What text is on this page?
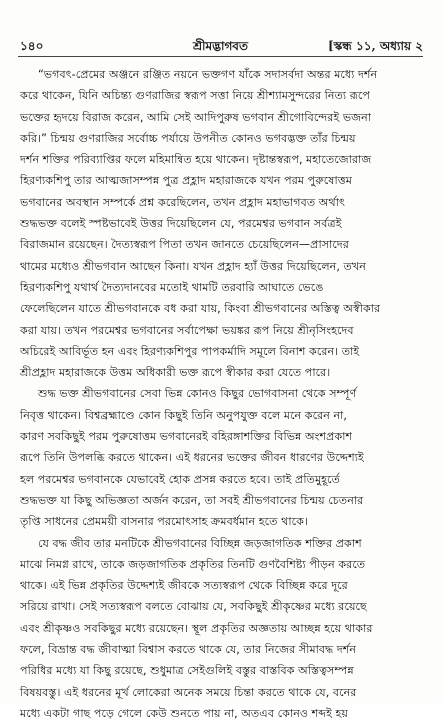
১৪০	শ্রীমদ্ভাগবত	[স্কন্ধ ১১, অধ্যায় ২
“ভগবৎ-প্রেমের অঞ্জনে রঞ্জিত নয়নে ভক্তগণ যাঁকে সদাসর্বদা অন্তর মধ্যে দর্শন
করে থাকেন, যিনি অচিন্ত্য গুণরাজির স্বরূপ সত্তা নিয়ে শ্রীশ্যামসুন্দরের নিত্য রূপে
ভক্তের হৃদয়ে বিরাজ করেন, আমি সেই আদিপুরুষ ভগবান শ্রীগোবিন্দেরই ভজনা
করি।” চিন্ময় গুণরাজির সর্বোচ্চ পর্যায়ে উপনীত কোনও ভগবদ্ভক্ত তাঁর চিন্ময়
দর্শন শক্তির পরিব্যাপ্তির ফলে মহিমান্বিত হয়ে থাকেন। দৃষ্টান্তস্বরূপ, মহাতেজোরাজ
হিরণ্যকশিপু তার আত্মজাসম্পন্ন পুত্র প্রহ্লাদ মহারাজকে যখন পরম পুরুষোত্তম
ভগবানের অবস্থান সম্পর্কে প্রশ্ন করেছিলেন, তখন প্রহ্লাদ মহাভাগবত অর্থাৎ
শুদ্ধভক্ত বলেই স্পষ্টভাবেই উত্তর দিয়েছিলেন যে, পরমেশ্বর ভগবান সর্বত্রই
বিরাজমান রয়েছেন। দৈত্যস্বরূপ পিতা তখন জানতে চেয়েছিলেন—প্রাসাদের
থামের মধ্যেও শ্রীভগবান আছেন কিনা। যখন প্রহ্লাদ হ্যাঁ উত্তর দিয়েছিলেন, তখন
হিরণ্যকশিপু যথার্থ দৈত্যদানবের মতোই থামটি তরবারি আঘাতে ভেঙে
ফেলেছিলেন যাতে শ্রীভগবানকে বধ করা যায়, কিংবা শ্রীভগবানের অস্তিত্ব অস্বীকার
করা যায়। তখন পরমেশ্বর ভগবানের সর্বাপেক্ষা ভয়ঙ্কর রূপ নিয়ে শ্রীনৃসিংহদেব
অচিরেই আবির্ভূত হন এবং হিরণ্যকশিপুর পাপকর্মাদি সমূলে বিনাশ করেন। তাই
শ্রীপ্রহ্লাদ মহারাজকে উত্তম অধিকারী ভক্ত রূপে স্বীকার করা যেতে পারে।
শুদ্ধ ভক্ত শ্রীভগবানের সেবা ভিন্ন কোনও কিছুর ভোগবাসনা থেকে সম্পূর্ণ
নিবৃত্ত থাকেন। বিশ্বব্রহ্মাণ্ডে কোন কিছুই তিনি অনুপযুক্ত বলে মনে করেন না,
কারণ সবকিছুই পরম পুরুষোত্তম ভগবানেরই বহিরঙ্গাশক্তির বিভিন্ন অংশপ্রকাশ
রূপে তিনি উপলব্ধি করতে থাকেন। এই ধরনের ভক্তের জীবন ধারণের উদ্দেশ্যই
হল পরমেশ্বর ভগবানকে যেভাবেই হোক প্রসন্ন করতে হবে। তাই প্রতিমুহূর্তে
শুদ্ধভক্ত যা কিছু অভিজ্ঞতা অর্জন করেন, তা সবই শ্রীভগবানের চিন্ময় চেতনার
তৃপ্তি সাধনের প্রেমময়ী বাসনার পরমোৎসাহ ক্রমবর্ধমান হতে থাকে।
যে বদ্ধ জীব তার মনটিকে শ্রীভগবানের বিচ্ছিন্ন জড়জাগতিক শক্তির প্রকাশ
মাঝে নিমগ্ন রাখে, তাকে জড়জাগতিক প্রকৃতির তিনটি গুণবৈশিষ্ট্য পীড়ন করতে
থাকে। এই ভিন্ন প্রকৃতির উদ্দেশ্যই জীবকে সত্যস্বরূপ থেকে বিচ্ছিন্ন করে দূরে
সরিয়ে রাখা। সেই সত্যস্বরূপ বলতে বোঝায় যে, সবকিছুই শ্রীকৃষ্ণের মধ্যে রয়েছে
এবং শ্রীকৃষ্ণও সবকিছুর মধ্যে রয়েছেন। স্থূল প্রকৃতির অজ্ঞতায় আচ্ছন্ন হয়ে থাকার
ফলে, বিভ্রান্ত বদ্ধ জীবাত্মা বিশ্বাস করতে থাকে যে, তার নিজের সীমাবদ্ধ দর্শন
পরিধির মধ্যে যা কিছু রয়েছে, শুধুমাত্র সেইগুলিই বস্তুর বাস্তবিক অস্তিত্বসম্পন্ন
বিষয়বস্তু। এই ধরনের মূর্খ লোকেরা অনেক সময়ে চিন্তা করতে থাকে যে, বনের
মধ্যে একটা গাছ পড়ে গেলে কেউ শুনতে পায় না, অতএব কোনও শব্দই হয়
